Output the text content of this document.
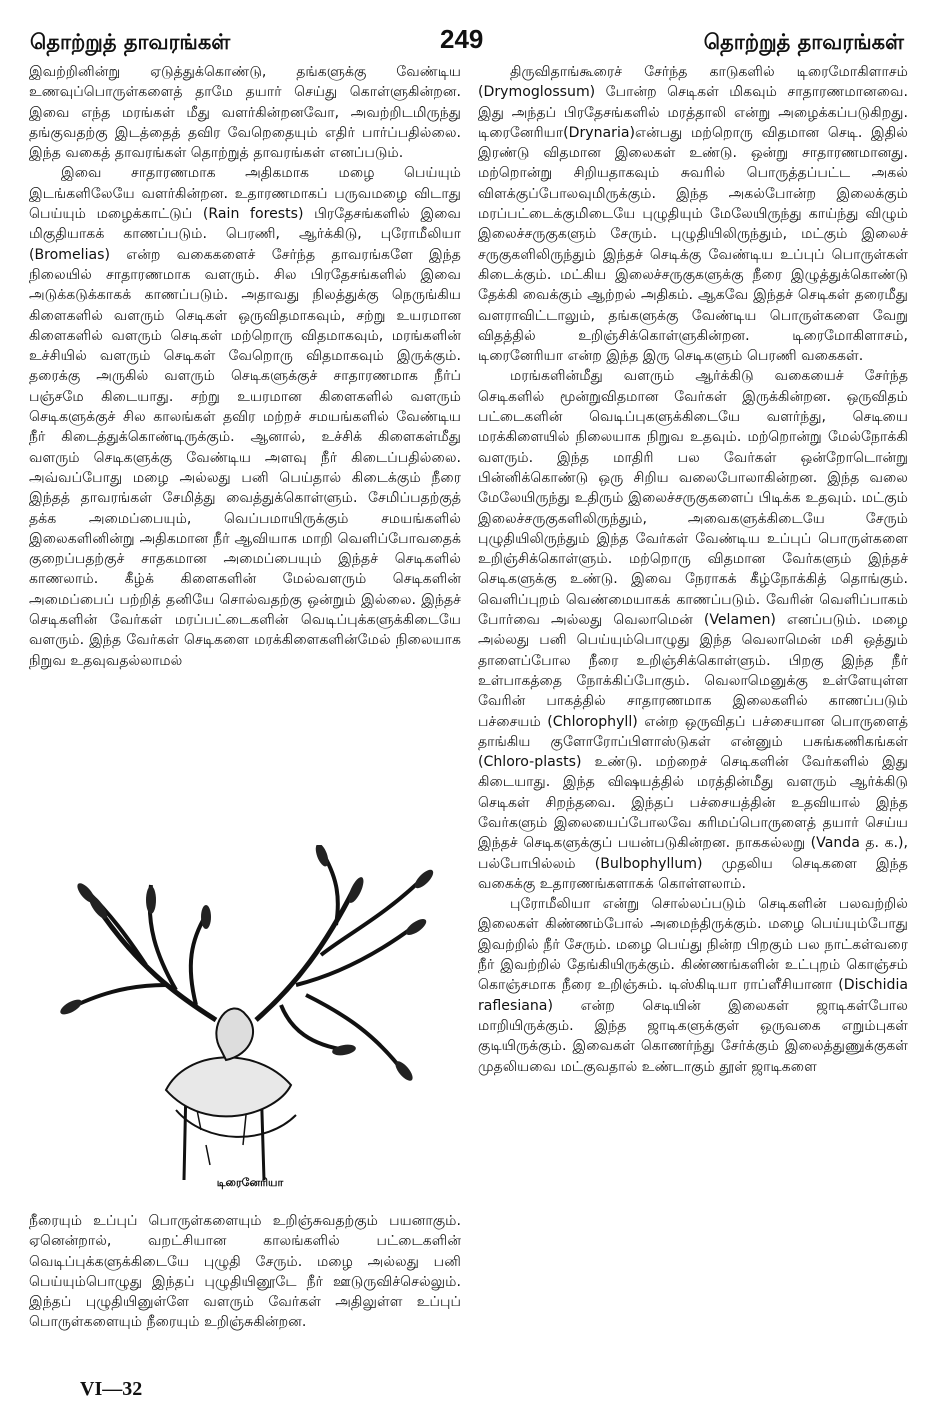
தொற்றுத் தாவரங்கள்	249	தொற்றுத் தாவரங்கள்

இவற்றினின்று ஏடுத்துக்கொண்டு, தங்களுக்கு வேண்டிய உணவுப்பொருள்களைத் தாமே தயார் செய்து கொள்ளுகின்றன. இவை எந்த மரங்கள் மீது வளர்கின்றனவோ, அவற்றிடமிருந்து தங்குவதற்கு இடத்தைத் தவிர வேறெதையும் எதிர் பார்ப்பதில்லை. இந்த வகைத் தாவரங்கள் தொற்றுத் தாவரங்கள் எனப்படும்.

இவை சாதாரணமாக அதிகமாக மழை பெய்யும் இடங்களிலேயே வளர்கின்றன. உதாரணமாகப் பருவமழை விடாது பெய்யும் மழைக்காட்டுப் (Rain forests) பிரதேசங்களில் இவை மிகுதியாகக் காணப்படும். பெரணி, ஆர்க்கிடு, புரோமீலியா (Bromelias) என்ற வகைகளைச் சேர்ந்த தாவரங்களே இந்த நிலையில் சாதாரணமாக வளரும். சில பிரதேசங்களில் இவை அடுக்கடுக்காகக் காணப்படும். அதாவது நிலத்துக்கு நெருங்கிய கிளைகளில் வளரும் செடிகள் ஒருவிதமாகவும், சற்று உயரமான கிளைகளில் வளரும் செடிகள் மற்றொரு விதமாகவும், மரங்களின் உச்சியில் வளரும் செடிகள் வேறொரு விதமாகவும் இருக்கும். தரைக்கு அருகில் வளரும் செடிகளுக்குச் சாதாரணமாக நீர்ப் பஞ்சமே கிடையாது. சற்று உயரமான கிளைகளில் வளரும் செடிகளுக்குச் சில காலங்கள் தவிர மற்றச் சமயங்களில் வேண்டிய நீர் கிடைத்துக்கொண்டிருக்கும். ஆனால், உச்சிக் கிளைகள்மீது வளரும் செடிகளுக்கு வேண்டிய அளவு நீர் கிடைப்பதில்லை. அவ்வப்போது மழை அல்லது பனி பெய்தால் கிடைக்கும் நீரை இந்தத் தாவரங்கள் சேமித்து வைத்துக்கொள்ளும். சேமிப்பதற்குத் தக்க அமைப்பையும், வெப்பமாயிருக்கும் சமயங்களில் இலைகளினின்று அதிகமான நீர் ஆவியாக மாறி வெளிப்போவதைக் குறைப்பதற்குச் சாதகமான அமைப்பையும் இந்தச் செடிகளில் காணலாம். கீழ்க் கிளைகளின் மேல்வளரும் செடிகளின் அமைப்பைப் பற்றித் தனியே சொல்வதற்கு ஒன்றும் இல்லை. இந்தச் செடிகளின் வேர்கள் மரப்பட்டைகளின் வெடிப்புக்களுக்கிடையே வளரும். இந்த வேர்கள் செடிகளை மரக்கிளைகளின்மேல் நிலையாக நிறுவ உதவுவதல்லாமல்

டிரைனேரியா

நீரையும் உப்புப் பொருள்களையும் உறிஞ்சுவதற்கும் பயனாகும். ஏனென்றால், வறட்சியான காலங்களில் பட்டைகளின் வெடிப்புக்களுக்கிடையே புழுதி சேரும். மழை அல்லது பனி பெய்யும்பொழுது இந்தப் புழுதியினூடே நீர் ஊடுருவிச்செல்லும். இந்தப் புழுதியினுள்ளே வளரும் வேர்கள் அதிலுள்ள உப்புப் பொருள்களையும் நீரையும் உறிஞ்சுகின்றன.

திருவிதாங்கூரைச் சேர்ந்த காடுகளில் டிரைமோகிளாசம் (Drymoglossum) போன்ற செடிகள் மிகவும் சாதாரணமானவை. இது அந்தப் பிரதேசங்களில் மரத்தாலி என்று அழைக்கப்படுகிறது. டிரைனேரியா(Drynaria)என்பது மற்றொரு விதமான செடி. இதில் இரண்டு விதமான இலைகள் உண்டு. ஒன்று சாதாரணமானது. மற்றொன்று சிறியதாகவும் சுவரில் பொருத்தப்பட்ட அகல் விளக்குப்போலவுமிருக்கும். இந்த அகல்போன்ற இலைக்கும் மரப்பட்டைக்குமிடையே புழுதியும் மேலேயிருந்து காய்ந்து விழும் இலைச்சருகுகளும் சேரும். புழுதியிலிருந்தும், மட்கும் இலைச் சருகுகளிலிருந்தும் இந்தச் செடிக்கு வேண்டிய உப்புப் பொருள்கள் கிடைக்கும். மட்கிய இலைச்சருகுகளுக்கு நீரை இழுத்துக்கொண்டு தேக்கி வைக்கும் ஆற்றல் அதிகம். ஆகவே இந்தச் செடிகள் தரைமீது வளராவிட்டாலும், தங்களுக்கு வேண்டிய பொருள்களை வேறு விதத்தில் உறிஞ்சிக்கொள்ளுகின்றன. டிரைமோகிளாசம், டிரைனேரியா என்ற இந்த இரு செடிகளும் பெரணி வகைகள்.

மரங்களின்மீது வளரும் ஆர்க்கிடு வகையைச் சேர்ந்த செடிகளில் மூன்றுவிதமான வேர்கள் இருக்கின்றன. ஒருவிதம் பட்டைகளின் வெடிப்புகளுக்கிடையே வளர்ந்து, செடியை மரக்கிளையில் நிலையாக நிறுவ உதவும். மற்றொன்று மேல்நோக்கி வளரும். இந்த மாதிரி பல வேர்கள் ஒன்றோடொன்று பின்னிக்கொண்டு ஒரு சிறிய வலைபோலாகின்றன. இந்த வலை மேலேயிருந்து உதிரும் இலைச்சருகுகளைப் பிடிக்க உதவும். மட்கும் இலைச்சருகுகளிலிருந்தும், அவைகளுக்கிடையே சேரும் புழுதியிலிருந்தும் இந்த வேர்கள் வேண்டிய உப்புப் பொருள்களை உறிஞ்சிக்கொள்ளும். மற்றொரு விதமான வேர்களும் இந்தச் செடிகளுக்கு உண்டு. இவை நேராகக் கீழ்நோக்கித் தொங்கும். வெளிப்புறம் வெண்மையாகக் காணப்படும். வேரின் வெளிப்பாகம் போர்வை அல்லது வெலாமென் (Velamen) எனப்படும். மழை அல்லது பனி பெய்யும்பொழுது இந்த வெலாமென் மசி ஒத்தும் தாளைப்போல நீரை உறிஞ்சிக்கொள்ளும். பிறகு இந்த நீர் உள்பாகத்தை நோக்கிப்போகும். வெலாமெனுக்கு உள்ளேயுள்ள வேரின் பாகத்தில் சாதாரணமாக இலைகளில் காணப்படும் பச்சையம் (Chlorophyll) என்ற ஒருவிதப் பச்சையான பொருளைத் தாங்கிய குளோரோப்பிளாஸ்டுகள் என்னும் பசுங்கணிகங்கள் (Chloro-plasts) உண்டு. மற்றைச் செடிகளின் வேர்களில் இது கிடையாது. இந்த விஷயத்தில் மரத்தின்மீது வளரும் ஆர்க்கிடு செடிகள் சிறந்தவை. இந்தப் பச்சையத்தின் உதவியால் இந்த வேர்களும் இலையைப்போலவே கரிமப்பொருளைத் தயார் செய்ய இந்தச் செடிகளுக்குப் பயன்படுகின்றன. நாககல்லறு (Vanda த. க.), பல்போபில்லம் (Bulbophyllum) முதலிய செடிகளை இந்த வகைக்கு உதாரணங்களாகக் கொள்ளலாம்.

புரோமீலியா என்று சொல்லப்படும் செடிகளின் பலவற்றில் இலைகள் கிண்ணம்போல் அமைந்திருக்கும். மழை பெய்யும்போது இவற்றில் நீர் சேரும். மழை பெய்து நின்ற பிறகும் பல நாட்கள்வரை நீர் இவற்றில் தேங்கியிருக்கும். கிண்ணங்களின் உட்புறம் கொஞ்சம் கொஞ்சமாக நீரை உறிஞ்சும். டிஸ்கிடியா ராப்ளீசியானா (Dischidia raflesiana) என்ற செடியின் இலைகள் ஜாடிகள்போல மாறியிருக்கும். இந்த ஜாடிகளுக்குள் ஒருவகை எறும்புகள் குடியிருக்கும். இவைகள் கொணர்ந்து சேர்க்கும் இலைத்துணுக்குகள் முதலியவை மட்குவதால் உண்டாகும் தூள் ஜாடிகளை

VI—32
